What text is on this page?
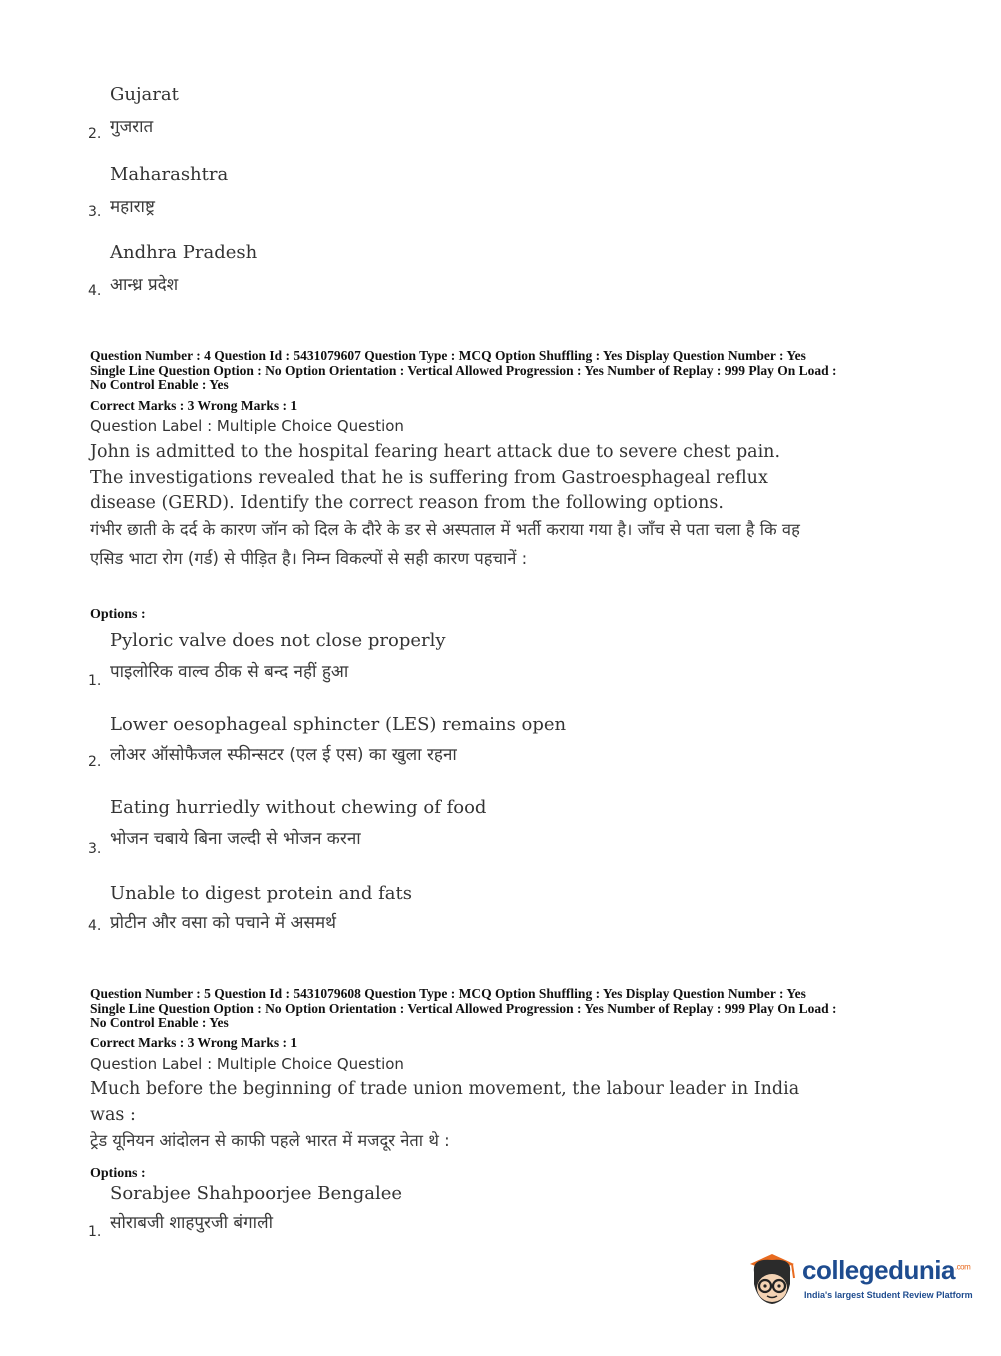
Gujarat
गुजरात
2.
Maharashtra
महाराष्ट्र
3.
Andhra Pradesh
आन्ध्र प्रदेश
4.
Question Number : 4 Question Id : 5431079607 Question Type : MCQ Option Shuffling : Yes Display Question Number : Yes
Single Line Question Option : No Option Orientation : Vertical Allowed Progression : Yes Number of Replay : 999 Play On Load :
No Control Enable : Yes
Correct Marks : 3 Wrong Marks : 1
Question Label : Multiple Choice Question
John is admitted to the hospital fearing heart attack due to severe chest pain. The investigations revealed that he is suffering from Gastroesphageal reflux disease (GERD). Identify the correct reason from the following options.
गंभीर छाती के दर्द के कारण जॉन को दिल के दौरे के डर से अस्पताल में भर्ती कराया गया है। जाँच से पता चला है कि वह एसिड भाटा रोग (गर्ड) से पीड़ित है। निम्न विकल्पों से सही कारण पहचानें :
Options :
Pyloric valve does not close properly
पाइलोरिक वाल्व ठीक से बन्द नहीं हुआ
1.
Lower oesophageal sphincter (LES) remains open
लोअर ऑसोफैजल स्फीन्सटर (एल ई एस) का खुला रहना
2.
Eating hurriedly without chewing of food
भोजन चबाये बिना जल्दी से भोजन करना
3.
Unable to digest protein and fats
प्रोटीन और वसा को पचाने में असमर्थ
4.
Question Number : 5 Question Id : 5431079608 Question Type : MCQ Option Shuffling : Yes Display Question Number : Yes
Single Line Question Option : No Option Orientation : Vertical Allowed Progression : Yes Number of Replay : 999 Play On Load :
No Control Enable : Yes
Correct Marks : 3 Wrong Marks : 1
Question Label : Multiple Choice Question
Much before the beginning of trade union movement, the labour leader in India was :
ट्रेड यूनियन आंदोलन से काफी पहले भारत में मजदूर नेता थे :
Options :
Sorabjee Shahpoorjee Bengalee
सोराबजी शाहपुरजी बंगाली
1.
collegedunia$^{.com}$
India's largest Student Review Platform
